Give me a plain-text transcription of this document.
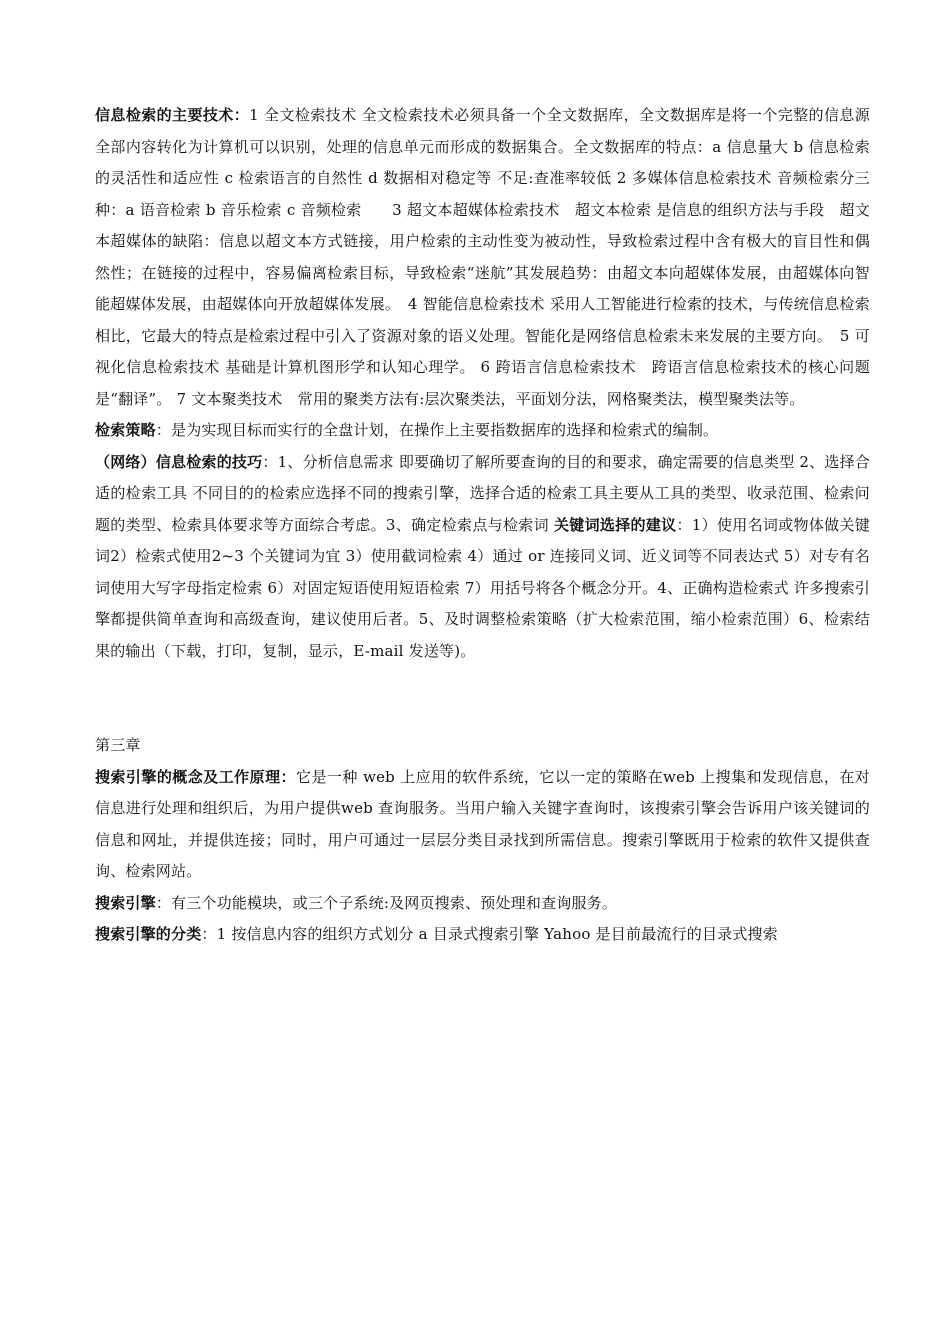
信息检索的主要技术：1 全文检索技术 全文检索技术必须具备一个全文数据库，全文数据库是将一个完整的信息源全部内容转化为计算机可以识别，处理的信息单元而形成的数据集合。全文数据库的特点：a 信息量大 b 信息检索的灵活性和适应性 c 检索语言的自然性 d 数据相对稳定等 不足:查准率较低 2 多媒体信息检索技术 音频检索分三种：a 语音检索 b 音乐检索 c 音频检索　　3 超文本超媒体检索技术　超文本检索 是信息的组织方法与手段　超文本超媒体的缺陷：信息以超文本方式链接，用户检索的主动性变为被动性，导致检索过程中含有极大的盲目性和偶然性；在链接的过程中，容易偏离检索目标，导致检索“迷航”其发展趋势：由超文本向超媒体发展，由超媒体向智能超媒体发展，由超媒体向开放超媒体发展。　4 智能信息检索技术 采用人工智能进行检索的技术，与传统信息检索相比，它最大的特点是检索过程中引入了资源对象的语义处理。智能化是网络信息检索未来发展的主要方向。　5 可视化信息检索技术 基础是计算机图形学和认知心理学。 6 跨语言信息检索技术　跨语言信息检索技术的核心问题是“翻译”。 7 文本聚类技术　常用的聚类方法有:层次聚类法，平面划分法，网格聚类法，模型聚类法等。

检索策略：是为实现目标而实行的全盘计划，在操作上主要指数据库的选择和检索式的编制。

（网络）信息检索的技巧：1、分析信息需求 即要确切了解所要查询的目的和要求，确定需要的信息类型 2、选择合适的检索工具 不同目的的检索应选择不同的搜索引擎，选择合适的检索工具主要从工具的类型、收录范围、检索问题的类型、检索具体要求等方面综合考虑。3、确定检索点与检索词 关键词选择的建议：1）使用名词或物体做关键词2）检索式使用2~3 个关键词为宜 3）使用截词检索 4）通过 or 连接同义词、近义词等不同表达式 5）对专有名词使用大写字母指定检索 6）对固定短语使用短语检索 7）用括号将各个概念分开。4、正确构造检索式 许多搜索引擎都提供简单查询和高级查询，建议使用后者。5、及时调整检索策略（扩大检索范围，缩小检索范围）6、检索结果的输出（下载，打印，复制，显示，E-mail 发送等)。

第三章

搜索引擎的概念及工作原理：它是一种 web 上应用的软件系统，它以一定的策略在web 上搜集和发现信息，在对信息进行处理和组织后，为用户提供web 查询服务。当用户输入关键字查询时，该搜索引擎会告诉用户该关键词的信息和网址，并提供连接；同时，用户可通过一层层分类目录找到所需信息。搜索引擎既用于检索的软件又提供查询、检索网站。

搜索引擎：有三个功能模块，或三个子系统:及网页搜索、预处理和查询服务。

搜索引擎的分类：1 按信息内容的组织方式划分 a 目录式搜索引擎 Yahoo 是目前最流行的目录式搜索
